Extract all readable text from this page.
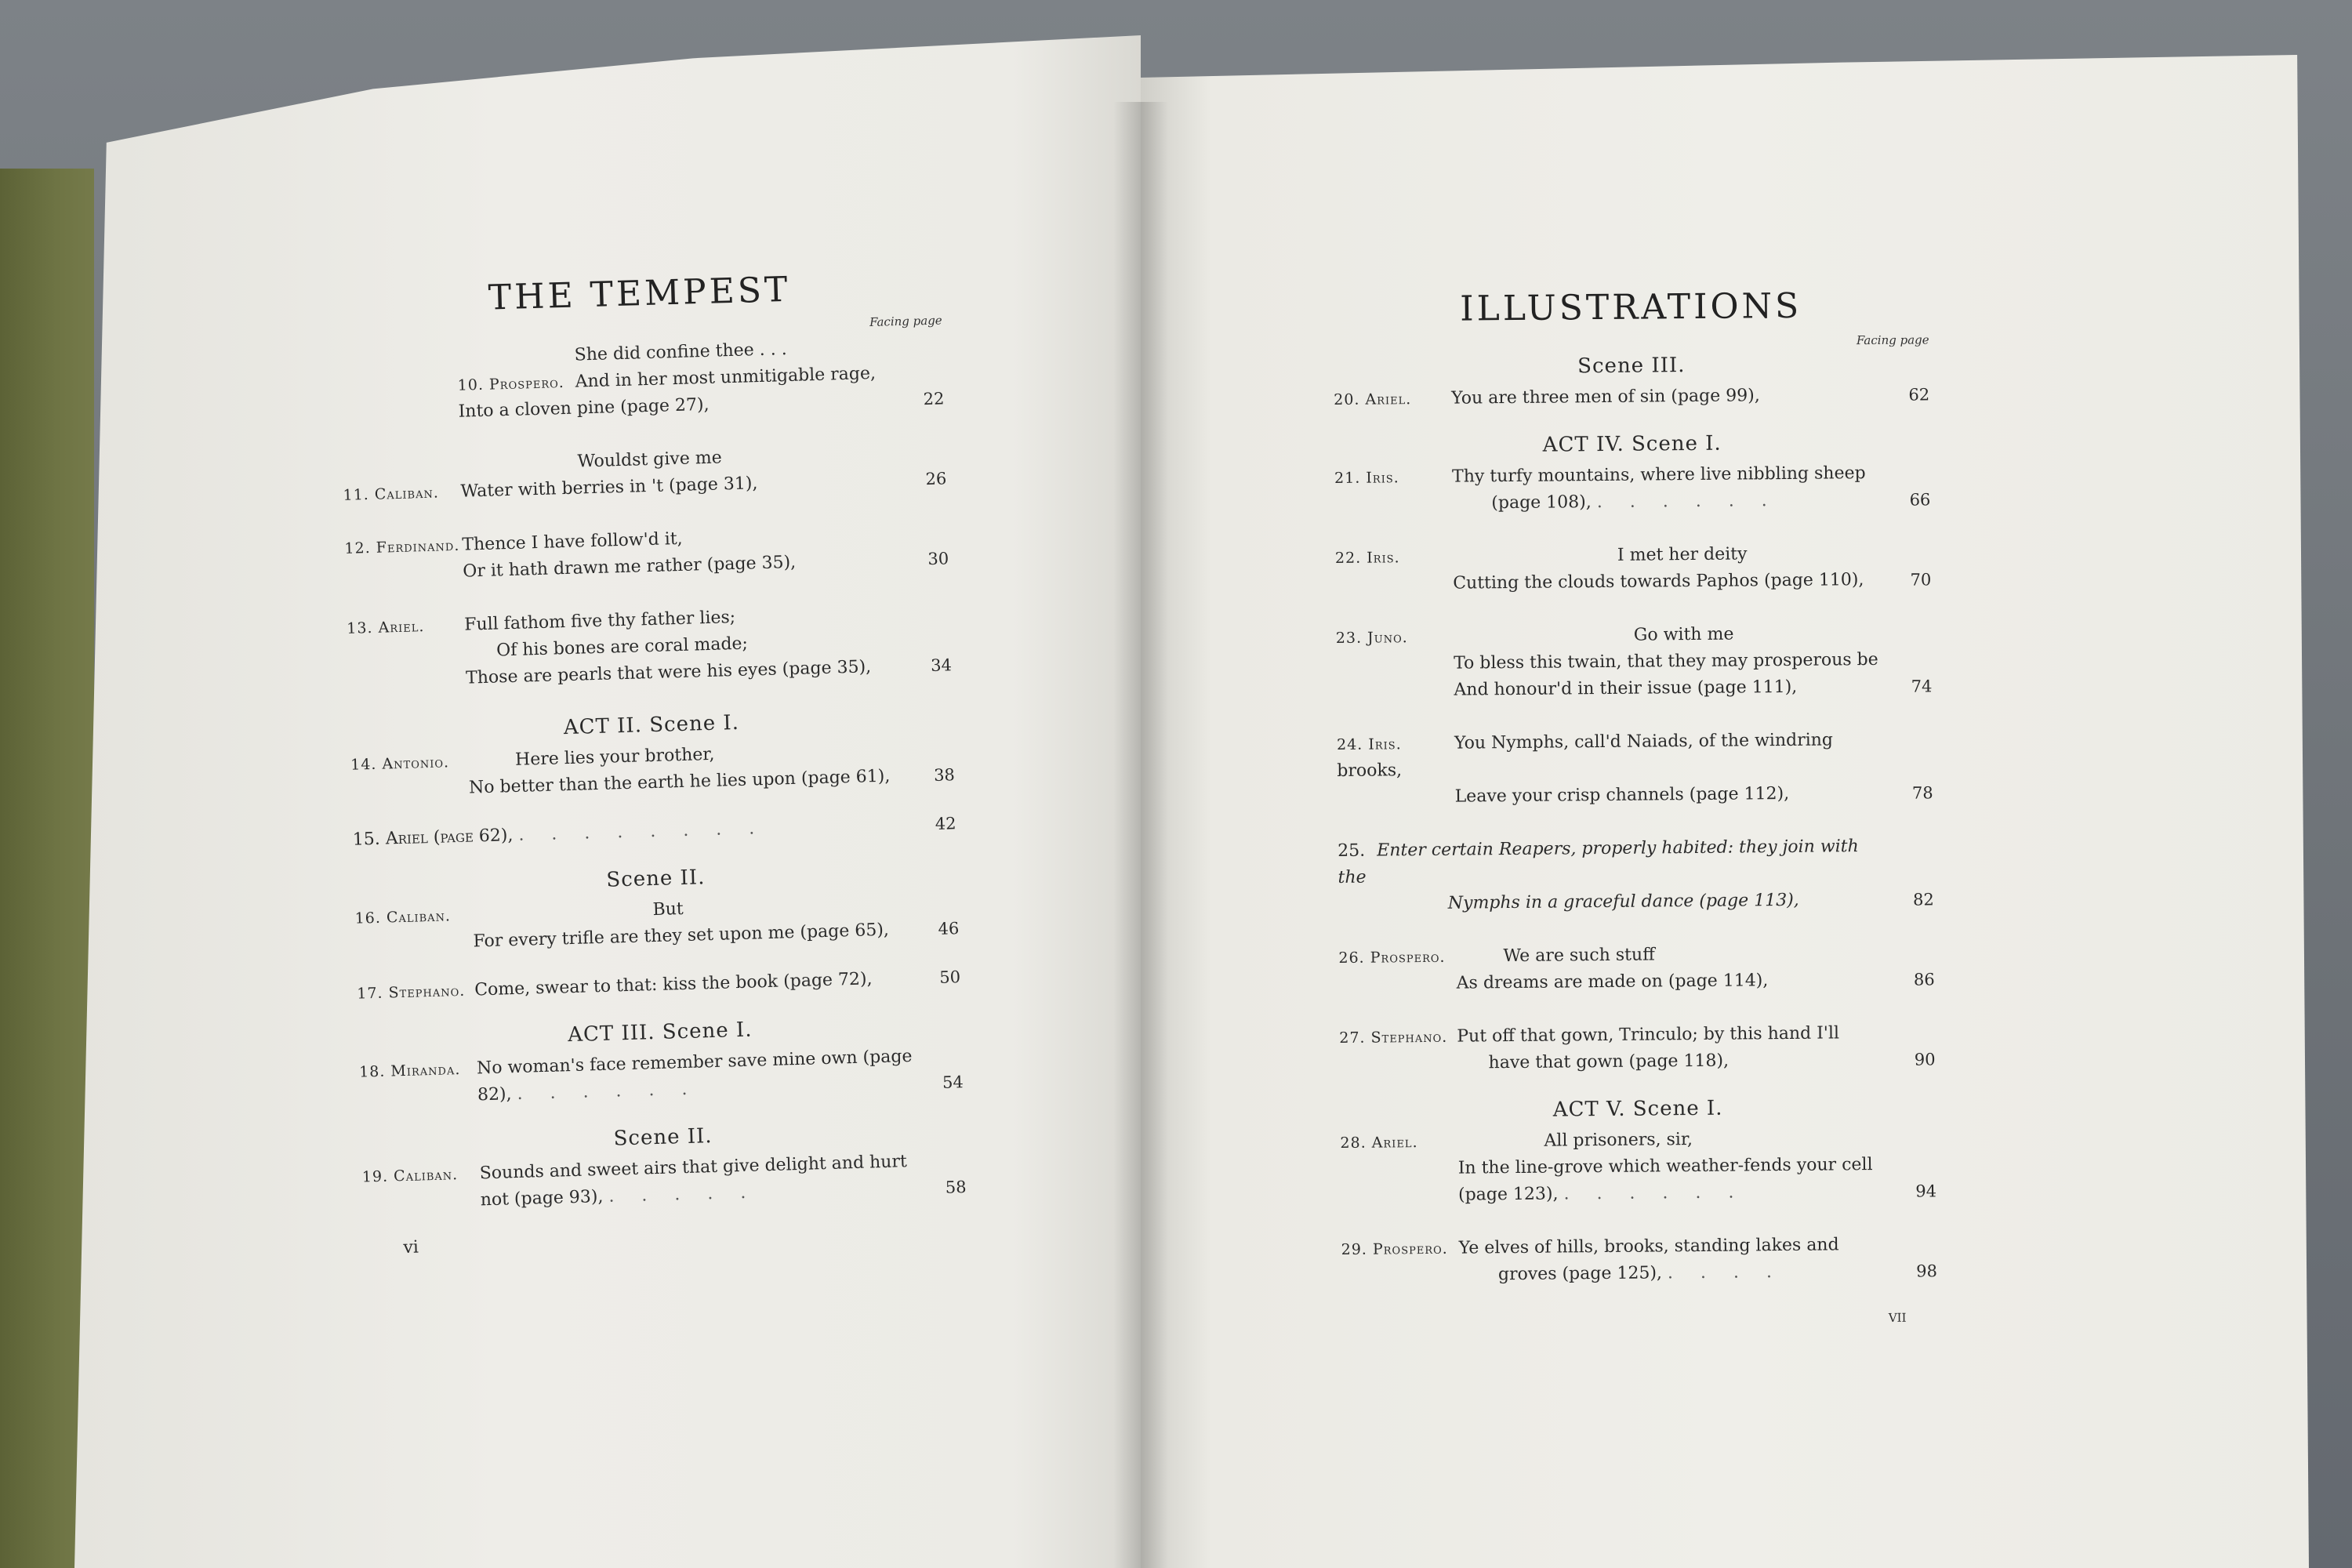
THE TEMPEST
Facing page
She did confine thee . . .
10. Prospero. And in her most unmitigable rage,
Into a cloven pine (page 27),	22
Wouldst give me
11. Caliban. Water with berries in 't (page 31),	26
12. Ferdinand. Thence I have follow'd it,
Or it hath drawn me rather (page 35),	30
13. Ariel. Full fathom five thy father lies;
Of his bones are coral made;
Those are pearls that were his eyes (page 35),	34
ACT II. Scene I.
14. Antonio.	Here lies your brother,
No better than the earth he lies upon (page 61),	38
15. Ariel (page 62), . . . . . . . .	42
Scene II.
16. Caliban.	But
For every trifle are they set upon me (page 65),	46
17. Stephano. Come, swear to that: kiss the book (page 72),	50
ACT III. Scene I.
18. Miranda. No woman's face remember save mine own (page
82), . . . . . .	54
Scene II.
19. Caliban. Sounds and sweet airs that give delight and hurt
not (page 93), . . . . .	58
vi
ILLUSTRATIONS
Facing page
Scene III.
20. Ariel. You are three men of sin (page 99),	62
ACT IV. Scene I.
21. Iris.	Thy turfy mountains, where live nibbling sheep
(page 108), . . . . . .	66
22. Iris.	I met her deity
Cutting the clouds towards Paphos (page 110),	70
23. Juno.	Go with me
To bless this twain, that they may prosperous be
And honour'd in their issue (page 111),	74
24. Iris.	You Nymphs, call'd Naiads, of the windring brooks,
Leave your crisp channels (page 112),	78
25. Enter certain Reapers, properly habited: they join with the
Nymphs in a graceful dance (page 113),	82
26. Prospero.	We are such stuff
As dreams are made on (page 114),	86
27. Stephano. Put off that gown, Trinculo; by this hand I'll
have that gown (page 118),	90
ACT V. Scene I.
28. Ariel.	All prisoners, sir,
In the line-grove which weather-fends your cell
(page 123), . . . . . .	94
29. Prospero. Ye elves of hills, brooks, standing lakes and
groves (page 125), . . . .	98
vii
